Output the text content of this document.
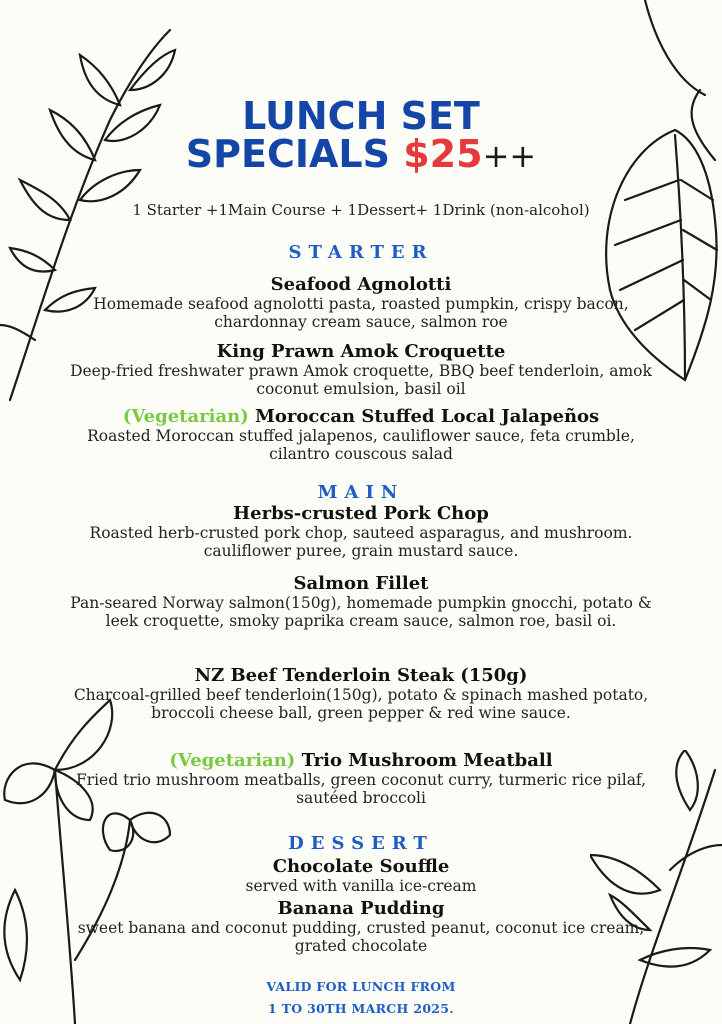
LUNCH SET
SPECIALS $25++
1 Starter +1Main Course + 1Dessert+ 1Drink (non-alcohol)
STARTER
Seafood Agnolotti
Homemade seafood agnolotti pasta, roasted pumpkin, crispy bacon, chardonnay cream sauce, salmon roe
King Prawn Amok Croquette
Deep-fried freshwater prawn Amok croquette, BBQ beef tenderloin, amok coconut emulsion, basil oil
(Vegetarian) Moroccan Stuffed Local Jalapeños
Roasted Moroccan stuffed jalapenos, cauliflower sauce, feta crumble, cilantro couscous salad
MAIN
Herbs-crusted Pork Chop
Roasted herb-crusted pork chop, sauteed asparagus, and mushroom. cauliflower puree, grain mustard sauce.
Salmon Fillet
Pan-seared Norway salmon(150g), homemade pumpkin gnocchi, potato & leek croquette, smoky paprika cream sauce, salmon roe, basil oi.
NZ Beef Tenderloin Steak (150g)
Charcoal-grilled beef tenderloin(150g), potato & spinach mashed potato, broccoli cheese ball, green pepper & red wine sauce.
(Vegetarian) Trio Mushroom Meatball
Fried trio mushroom meatballs, green coconut curry, turmeric rice pilaf, sautéed broccoli
DESSERT
Chocolate Souffle
served with vanilla ice-cream
Banana Pudding
sweet banana and coconut pudding, crusted peanut, coconut ice cream, grated chocolate
VALID FOR LUNCH FROM
1 TO 30TH MARCH 2025.
